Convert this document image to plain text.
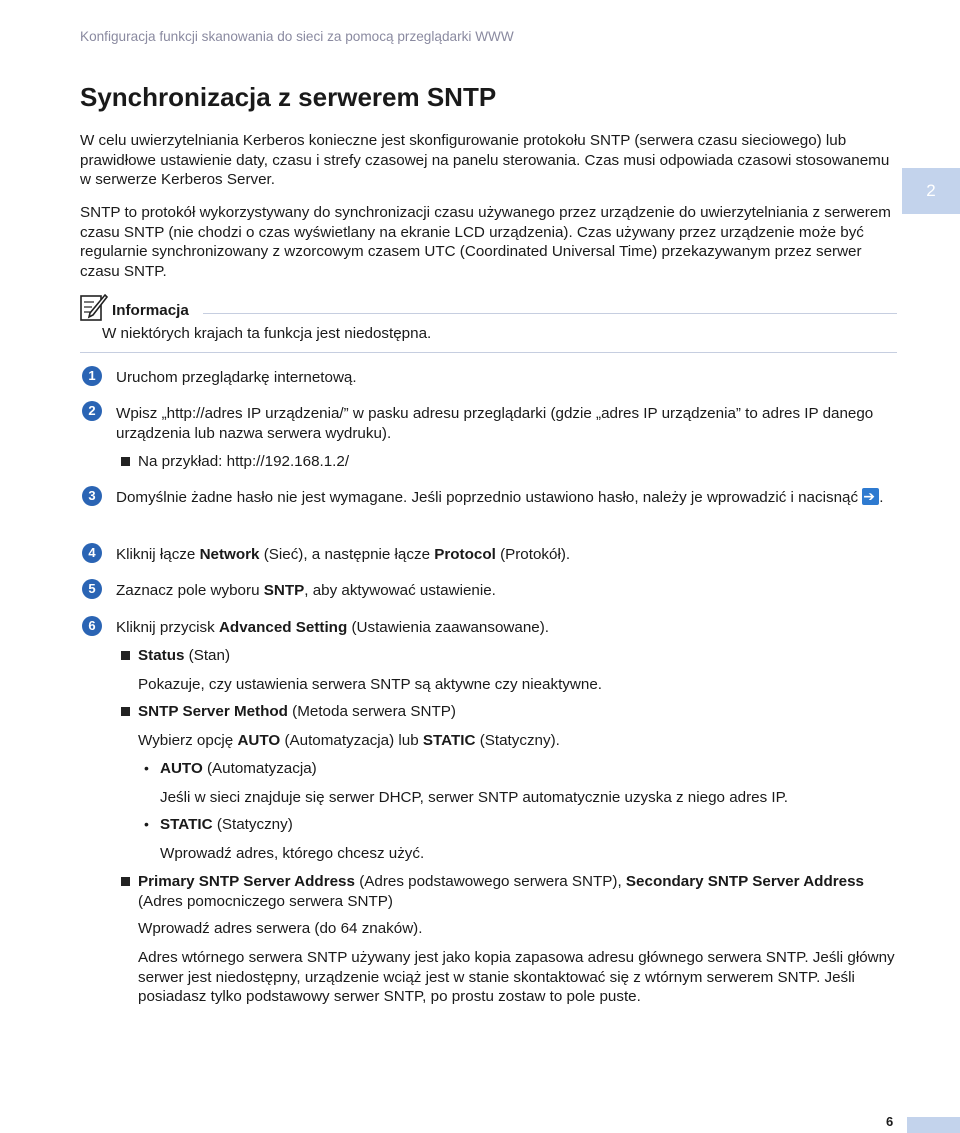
Konfiguracja funkcji skanowania do sieci za pomocą przeglądarki WWW
Synchronizacja z serwerem SNTP
W celu uwierzytelniania Kerberos konieczne jest skonfigurowanie protokołu SNTP (serwera czasu sieciowego) lub prawidłowe ustawienie daty, czasu i strefy czasowej na panelu sterowania. Czas musi odpowiada czasowi stosowanemu w serwerze Kerberos Server.
SNTP to protokół wykorzystywany do synchronizacji czasu używanego przez urządzenie do uwierzytelniania z serwerem czasu SNTP (nie chodzi o czas wyświetlany na ekranie LCD urządzenia). Czas używany przez urządzenie może być regularnie synchronizowany z wzorcowym czasem UTC (Coordinated Universal Time) przekazywanym przez serwer czasu SNTP.
2
Informacja
W niektórych krajach ta funkcja jest niedostępna.
1	Uruchom przeglądarkę internetową.
2	Wpisz „http://adres IP urządzenia/” w pasku adresu przeglądarki (gdzie „adres IP urządzenia” to adres IP danego urządzenia lub nazwa serwera wydruku).
Na przykład: http://192.168.1.2/
3	Domyślnie żadne hasło nie jest wymagane. Jeśli poprzednio ustawiono hasło, należy je wprowadzić i nacisnąć ➔ .
4	Kliknij łącze Network (Sieć), a następnie łącze Protocol (Protokół).
5	Zaznacz pole wyboru SNTP, aby aktywować ustawienie.
6	Kliknij przycisk Advanced Setting (Ustawienia zaawansowane).
Status (Stan)
Pokazuje, czy ustawienia serwera SNTP są aktywne czy nieaktywne.
SNTP Server Method (Metoda serwera SNTP)
Wybierz opcję AUTO (Automatyzacja) lub STATIC (Statyczny).
• AUTO (Automatyzacja)
Jeśli w sieci znajduje się serwer DHCP, serwer SNTP automatycznie uzyska z niego adres IP.
• STATIC (Statyczny)
Wprowadź adres, którego chcesz użyć.
Primary SNTP Server Address (Adres podstawowego serwera SNTP), Secondary SNTP Server Address (Adres pomocniczego serwera SNTP)
Wprowadź adres serwera (do 64 znaków).
Adres wtórnego serwera SNTP używany jest jako kopia zapasowa adresu głównego serwera SNTP. Jeśli główny serwer jest niedostępny, urządzenie wciąż jest w stanie skontaktować się z wtórnym serwerem SNTP. Jeśli posiadasz tylko podstawowy serwer SNTP, po prostu zostaw to pole puste.
6
